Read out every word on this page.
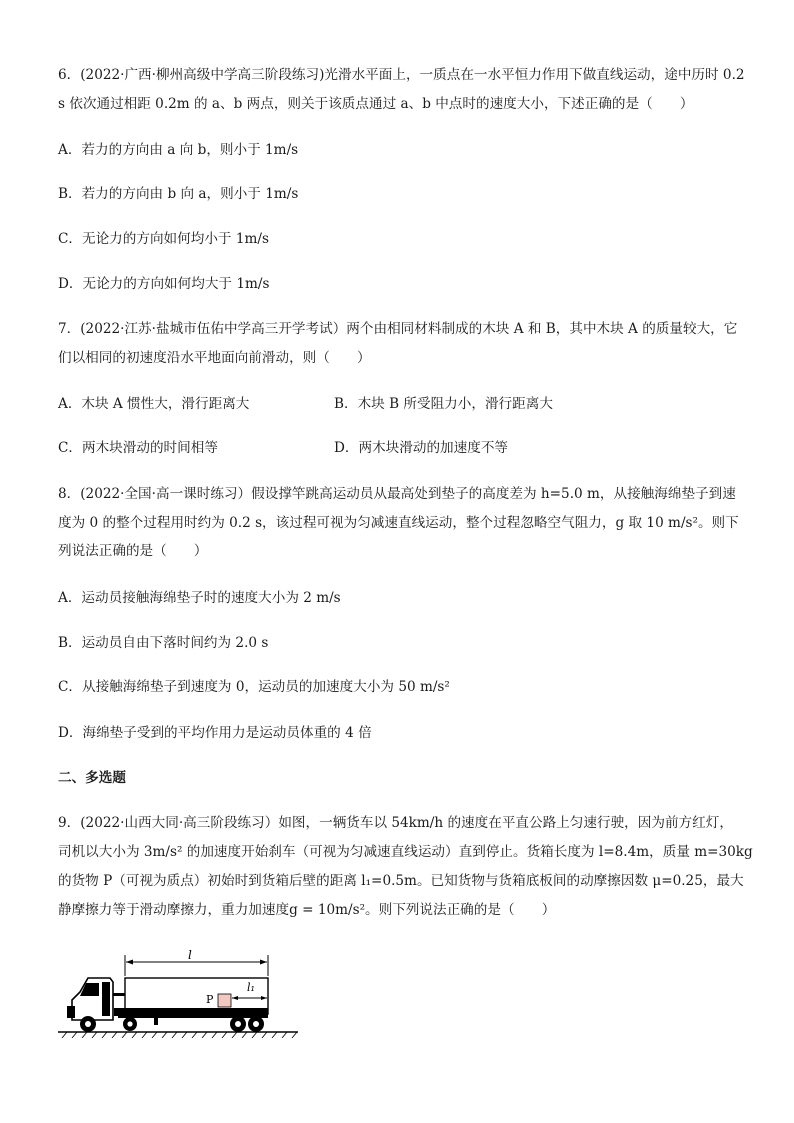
6．(2022·广西·柳州高级中学高三阶段练习)光滑水平面上，一质点在一水平恒力作用下做直线运动，途中历时 0.2
s 依次通过相距 0.2m 的 a、b 两点，则关于该质点通过 a、b 中点时的速度大小，下述正确的是（　　）
A．若力的方向由 a 向 b，则小于 1m/s
B．若力的方向由 b 向 a，则小于 1m/s
C．无论力的方向如何均小于 1m/s
D．无论力的方向如何均大于 1m/s
7．(2022·江苏·盐城市伍佑中学高三开学考试）两个由相同材料制成的木块 A 和 B，其中木块 A 的质量较大，它
们以相同的初速度沿水平地面向前滑动，则（　　）
A．木块 A 惯性大，滑行距离大	B．木块 B 所受阻力小，滑行距离大
C．两木块滑动的时间相等	D．两木块滑动的加速度不等
8．(2022·全国·高一课时练习）假设撑竿跳高运动员从最高处到垫子的高度差为 h=5.0 m，从接触海绵垫子到速
度为 0 的整个过程用时约为 0.2 s，该过程可视为匀减速直线运动，整个过程忽略空气阻力，g 取 10 m/s²。则下
列说法正确的是（　　）
A．运动员接触海绵垫子时的速度大小为 2 m/s
B．运动员自由下落时间约为 2.0 s
C．从接触海绵垫子到速度为 0，运动员的加速度大小为 50 m/s²
D．海绵垫子受到的平均作用力是运动员体重的 4 倍
二、多选题
9．(2022·山西大同·高三阶段练习）如图，一辆货车以 54km/h 的速度在平直公路上匀速行驶，因为前方红灯，
司机以大小为 3m/s² 的加速度开始刹车（可视为匀减速直线运动）直到停止。货箱长度为 l=8.4m，质量 m=30kg
的货物 P（可视为质点）初始时到货箱后壁的距离 l₁=0.5m。已知货物与货箱底板间的动摩擦因数 μ=0.25，最大
静摩擦力等于滑动摩擦力，重力加速度g = 10m/s²。则下列说法正确的是（　　）
l
P
l₁
